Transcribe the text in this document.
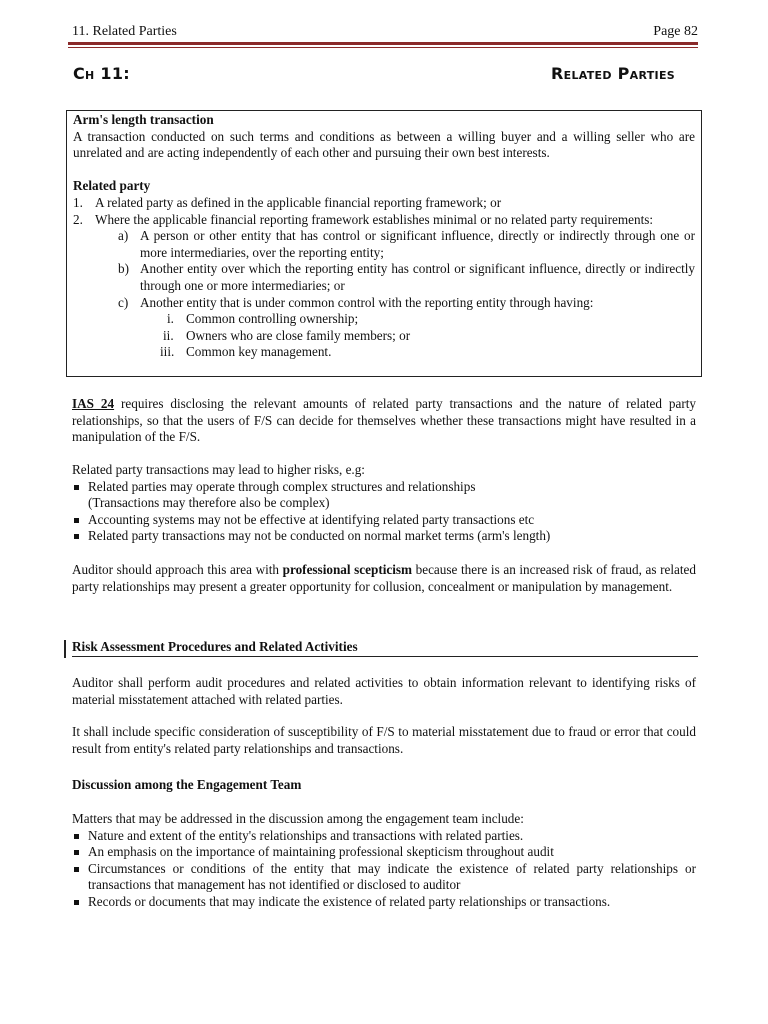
11. Related Parties	Page 82
Ch 11:	Related Parties
Arm's length transaction
A transaction conducted on such terms and conditions as between a willing buyer and a willing seller who are unrelated and are acting independently of each other and pursuing their own best interests.
Related party
1. A related party as defined in the applicable financial reporting framework; or
2. Where the applicable financial reporting framework establishes minimal or no related party requirements:
a) A person or other entity that has control or significant influence, directly or indirectly through one or more intermediaries, over the reporting entity;
b) Another entity over which the reporting entity has control or significant influence, directly or indirectly through one or more intermediaries; or
c) Another entity that is under common control with the reporting entity through having:
i. Common controlling ownership;
ii. Owners who are close family members; or
iii. Common key management.
IAS 24 requires disclosing the relevant amounts of related party transactions and the nature of related party relationships, so that the users of F/S can decide for themselves whether these transactions might have resulted in a manipulation of the F/S.
Related party transactions may lead to higher risks, e.g:
Related parties may operate through complex structures and relationships
(Transactions may therefore also be complex)
Accounting systems may not be effective at identifying related party transactions etc
Related party transactions may not be conducted on normal market terms (arm's length)
Auditor should approach this area with professional scepticism because there is an increased risk of fraud, as related party relationships may present a greater opportunity for collusion, concealment or manipulation by management.
Risk Assessment Procedures and Related Activities
Auditor shall perform audit procedures and related activities to obtain information relevant to identifying risks of material misstatement attached with related parties.
It shall include specific consideration of susceptibility of F/S to material misstatement due to fraud or error that could result from entity's related party relationships and transactions.
Discussion among the Engagement Team
Matters that may be addressed in the discussion among the engagement team include:
Nature and extent of the entity's relationships and transactions with related parties.
An emphasis on the importance of maintaining professional skepticism throughout audit
Circumstances or conditions of the entity that may indicate the existence of related party relationships or transactions that management has not identified or disclosed to auditor
Records or documents that may indicate the existence of related party relationships or transactions.
